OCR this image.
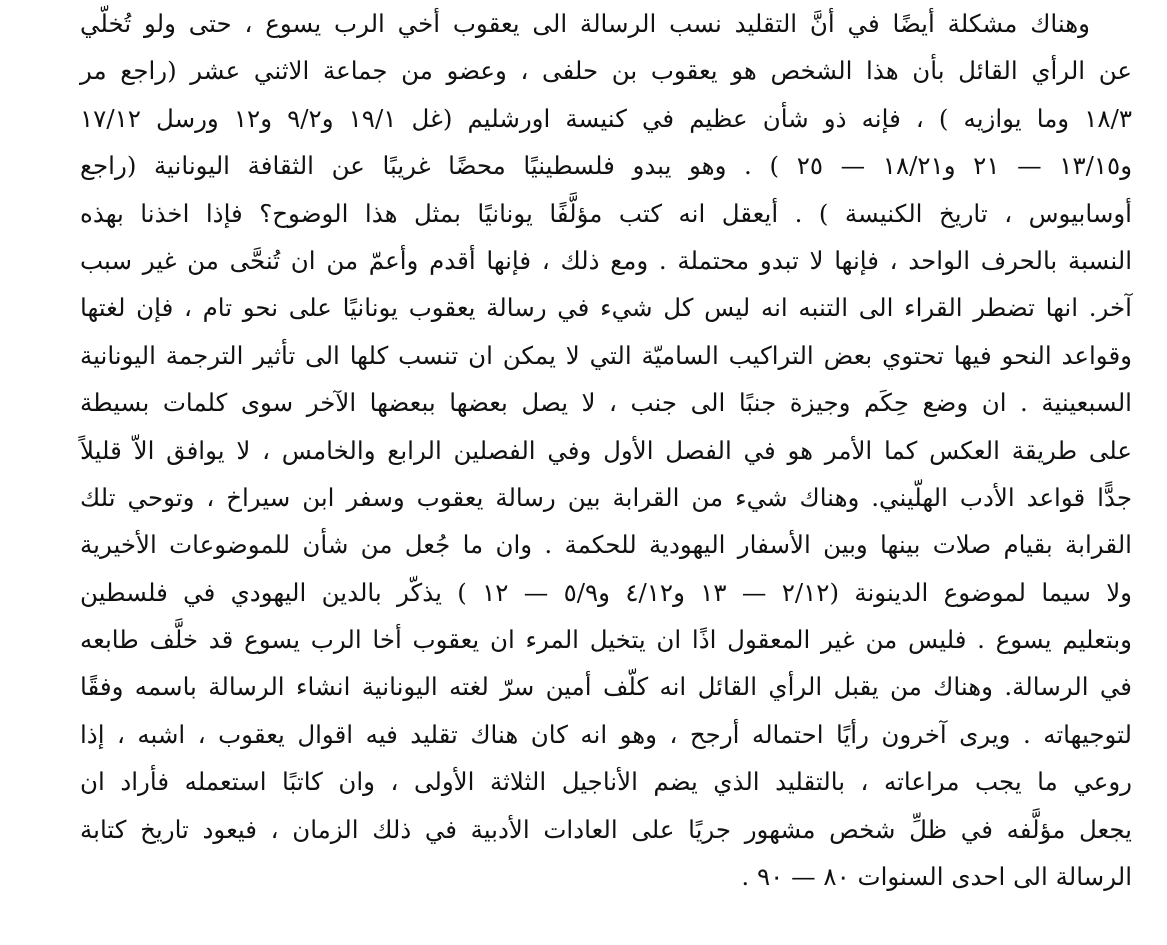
وهناك مشكلة أيضًا في أنَّ التقليد نسب الرسالة الى يعقوب أخي الرب يسوع ، حتى ولو تُخلّي
عن الرأي القائل بأن هذا الشخص هو يعقوب بن حلفى ، وعضو من جماعة الاثني عشر (راجع مر
١٨/٣ وما يوازيه ) ، فإنه ذو شأن عظيم في كنيسة اورشليم (غل ١٩/١ و٩/٢ و١٢ ورسل ١٧/١٢
و١٣/١٥ — ٢١ و١٨/٢١ — ٢٥ ) . وهو يبدو فلسطينيًا محضًا غريبًا عن الثقافة اليونانية (راجع
أوسابيوس ، تاريخ الكنيسة ) . أيعقل انه كتب مؤلَّفًا يونانيًا بمثل هذا الوضوح؟ فإذا اخذنا بهذه
النسبة بالحرف الواحد ، فإنها لا تبدو محتملة . ومع ذلك ، فإنها أقدم وأعمّ من ان تُنحَّى من غير سبب
آخر. انها تضطر القراء الى التنبه انه ليس كل شيء في رسالة يعقوب يونانيًا على نحو تام ، فإن لغتها
وقواعد النحو فيها تحتوي بعض التراكيب الساميّة التي لا يمكن ان تنسب كلها الى تأثير الترجمة اليونانية
السبعينية . ان وضع حِكَم وجيزة جنبًا الى جنب ، لا يصل بعضها ببعضها الآخر سوى كلمات بسيطة
على طريقة العكس كما الأمر هو في الفصل الأول وفي الفصلين الرابع والخامس ، لا يوافق الاّ قليلاً
جدًّا قواعد الأدب الهلّيني. وهناك شيء من القرابة بين رسالة يعقوب وسفر ابن سيراخ ، وتوحي تلك
القرابة بقيام صلات بينها وبين الأسفار اليهودية للحكمة . وان ما جُعل من شأن للموضوعات الأخيرية
ولا سيما لموضوع الدينونة (٢/١٢ — ١٣ و٤/١٢ و٥/٩ — ١٢ ) يذكّر بالدين اليهودي في فلسطين
وبتعليم يسوع . فليس من غير المعقول اذًا ان يتخيل المرء ان يعقوب أخا الرب يسوع قد خلَّف طابعه
في الرسالة. وهناك من يقبل الرأي القائل انه كلّف أمين سرّ لغته اليونانية انشاء الرسالة باسمه وفقًا
لتوجيهاته . ويرى آخرون رأيًا احتماله أرجح ، وهو انه كان هناك تقليد فيه اقوال يعقوب ، اشبه ، إذا
روعي ما يجب مراعاته ، بالتقليد الذي يضم الأناجيل الثلاثة الأولى ، وان كاتبًا استعمله فأراد ان
يجعل مؤلَّفه في ظلِّ شخص مشهور جريًا على العادات الأدبية في ذلك الزمان ، فيعود تاريخ كتابة
الرسالة الى احدى السنوات ٨٠ — ٩٠ .
